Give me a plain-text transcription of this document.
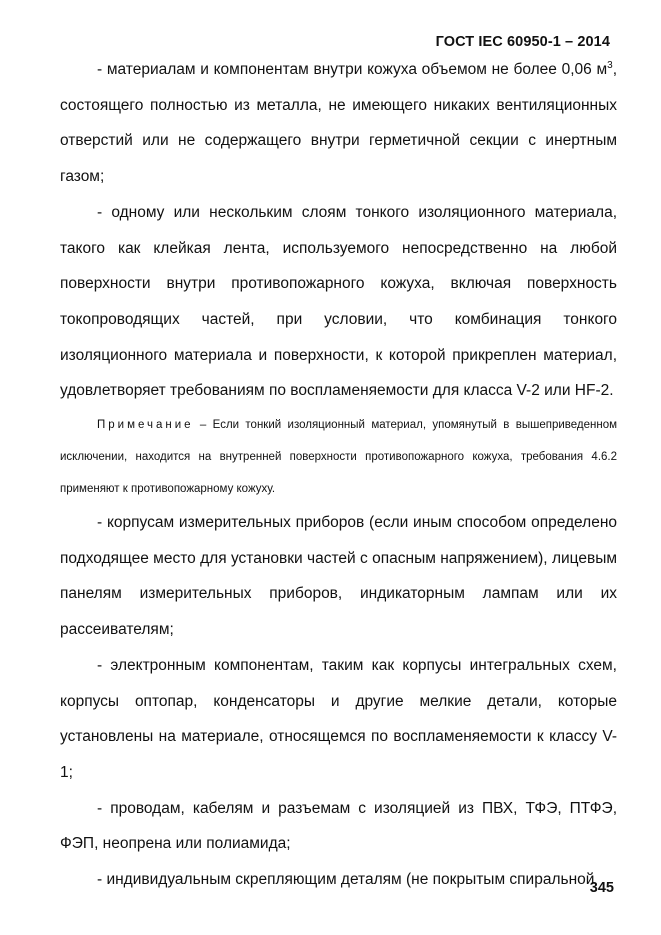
ГОСТ IEC 60950-1 – 2014

- материалам и компонентам внутри кожуха объемом не более 0,06 $м^3$, состоящего полностью из металла, не имеющего никаких вентиляционных отверстий или не содержащего внутри герметичной секции с инертным газом;

- одному или нескольким слоям тонкого изоляционного материала, такого как клейкая лента, используемого непосредственно на любой поверхности внутри противопожарного кожуха, включая поверхность токопроводящих частей, при условии, что комбинация тонкого изоляционного материала и поверхности, к которой прикреплен материал, удовлетворяет требованиям по воспламеняемости для класса V-2 или HF-2.

Примечание – Если тонкий изоляционный материал, упомянутый в вышеприведенном исключении, находится на внутренней поверхности противопожарного кожуха, требования 4.6.2 применяют к противопожарному кожуху.

- корпусам измерительных приборов (если иным способом определено подходящее место для установки частей с опасным напряжением), лицевым панелям измерительных приборов, индикаторным лампам или их рассеивателям;

- электронным компонентам, таким как корпусы интегральных схем, корпусы оптопар, конденсаторы и другие мелкие детали, которые установлены на материале, относящемся по воспламеняемости к классу V-1;

- проводам, кабелям и разъемам с изоляцией из ПВХ, ТФЭ, ПТФЭ, ФЭП, неопрена или полиамида;

- индивидуальным скрепляющим деталям (не покрытым спиральной

345
